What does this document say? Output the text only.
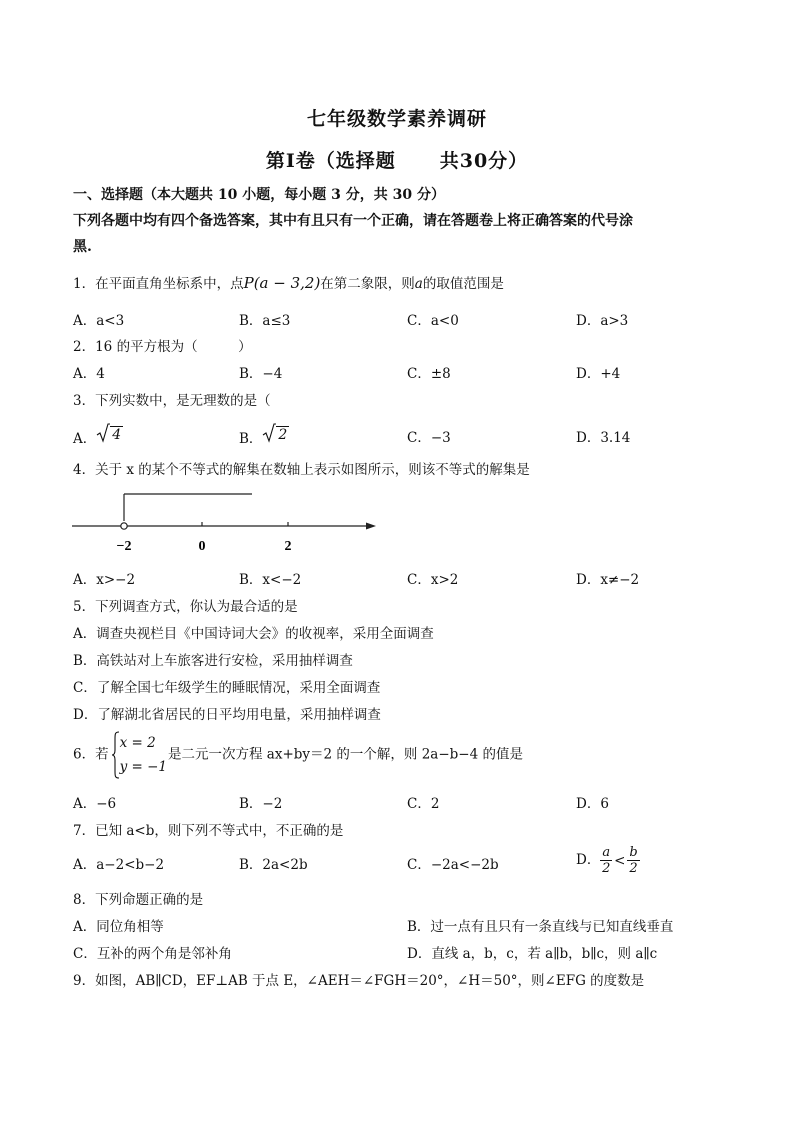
七年级数学素养调研
第Ⅰ卷（选择题 共30分）
一、选择题（本大题共 10 小题，每小题 3 分，共 30 分）
下列各题中均有四个备选答案，其中有且只有一个正确，请在答题卷上将正确答案的代号涂
黑.
1．在平面直角坐标系中，点P(a − 3,2)在第二象限，则a的取值范围是
A．a<3	B．a≤3	C．a<0	D．a>3
2．16 的平方根为（　　　）
A．4	B．−4	C．±8	D．+4
3．下列实数中，是无理数的是（
A． 4	B． 2	C．−3	D．3.14
4．关于 x 的某个不等式的解集在数轴上表示如图所示，则该不等式的解集是
−2	0	2
A．x>−2	B．x<−2	C．x>2	D．x≠−2
5．下列调查方式，你认为最合适的是
A．调查央视栏目《中国诗词大会》的收视率，采用全面调查
B．高铁站对上车旅客进行安检，采用抽样调查
C．了解全国七年级学生的睡眠情况，采用全面调查
D．了解湖北省居民的日平均用电量，采用抽样调查
6．若
x = 2
y = −1
是二元一次方程 ax+by＝2 的一个解，则 2a−b−4 的值是
A．−6	B．−2	C．2	D．6
7．已知 a<b，则下列不等式中，不正确的是
A．a−2<b−2	B．2a<2b	C．−2a<−2b	D． $\frac{a}{2} < \frac{b}{2}$
8．下列命题正确的是
A．同位角相等	B．过一点有且只有一条直线与已知直线垂直
C．互补的两个角是邻补角	D．直线 a，b，c，若 a∥b，b∥c，则 a∥c
9．如图，AB∥CD，EF⊥AB 于点 E，∠AEH＝∠FGH＝20°，∠H＝50°，则∠EFG 的度数是
